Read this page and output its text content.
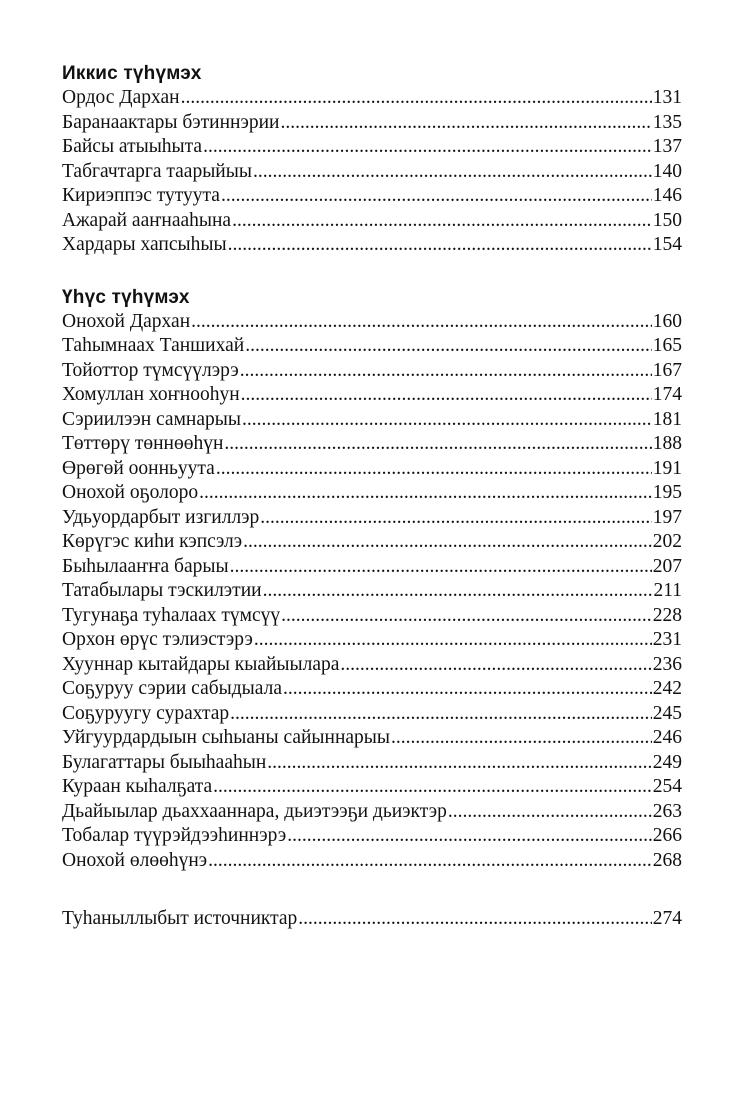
Иккис түһүмэх
Ордос Дархан .....	131
Баранаактары бэтиннэрии .....	135
Байсы атыыһыта .....	137
Табгачтарга таарыйыы .....	140
Кириэппэс тутуута .....	146
Ажарай ааҥнааһына .....	150
Хардары хапсыһыы .....	154
Үһүс түһүмэх
Онохой Дархан .....	160
Таһымнаах Таншихай .....	165
Тойоттор түмсүүлэрэ .....	167
Хомуллан хоҥноoһун .....	174
Сэриилээн самнарыы .....	181
Төттөрү төннөөһүн .....	188
Өрөгөй оонньуута .....	191
Онохой оҕолоро .....	195
Удьуордарбыт изгиллэр .....	197
Көрүгэс киһи кэпсэлэ .....	202
Быһылааҥҥа барыы .....	207
Татабылары тэскилэтии .....	211
Тугунаҕа туһалаах түмсүү .....	228
Орхон өрүс тэлиэстэрэ .....	231
Хууннар кытайдары кыайыылара .....	236
Соҕуруу сэрии сабыдыала .....	242
Соҕуруугу сурахтар .....	245
Уйгуурдардыын сыһыаны сайыннарыы .....	246
Булагаттары быыһааһын .....	249
Кураан кыһалҕата .....	254
Дьайыылар дьаххааннара, дьиэтээҕи дьиэктэр .....	263
Тобалар түүрэйдээһиннэрэ .....	266
Онохой өлөөһүнэ .....	268
Туһаныллыбыт источниктар .....	274
